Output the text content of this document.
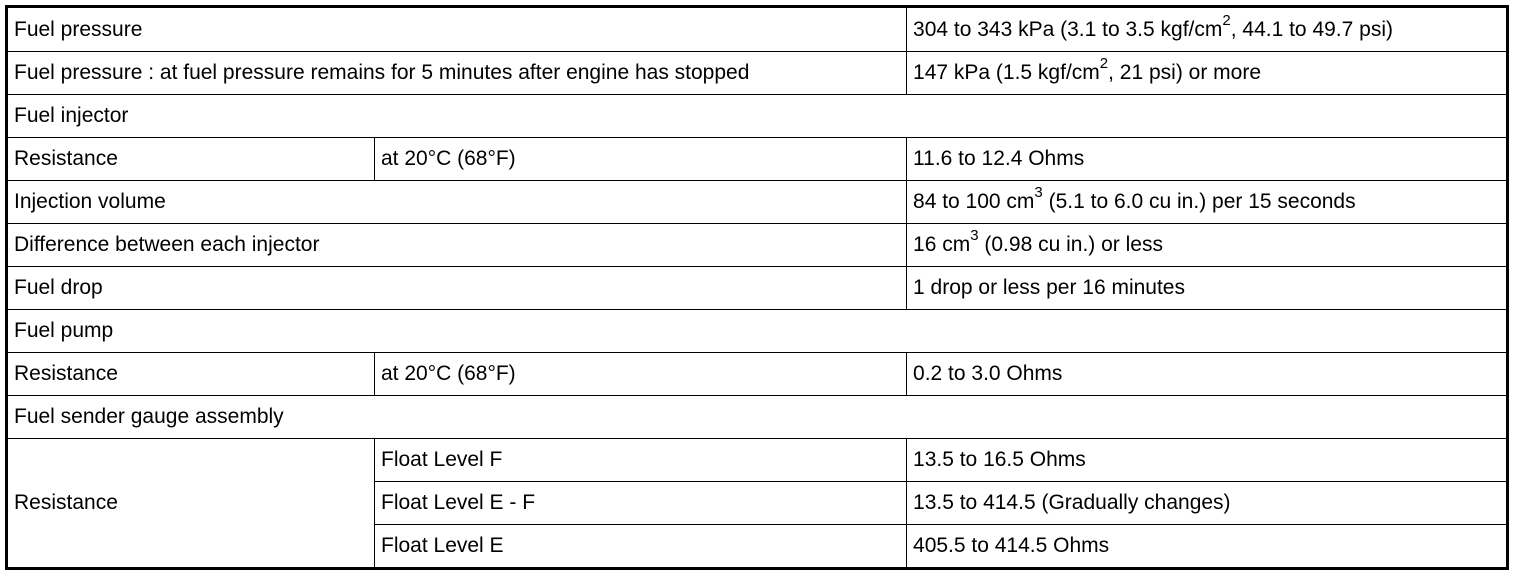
Fuel pressure		304 to 343 kPa (3.1 to 3.5 kgf/$cm^2$, 44.1 to 49.7 psi)
Fuel pressure : at fuel pressure remains for 5 minutes after engine has stopped		147 kPa (1.5 kgf/$cm^2$, 21 psi) or more
Fuel injector		
Resistance	at 20°C (68°F)	11.6 to 12.4 Ohms
Injection volume		84 to 100 $cm^3$ (5.1 to 6.0 cu in.) per 15 seconds
Difference between each injector		16 $cm^3$ (0.98 cu in.) or less
Fuel drop		1 drop or less per 16 minutes
Fuel pump		
Resistance	at 20°C (68°F)	0.2 to 3.0 Ohms
Fuel sender gauge assembly		
Resistance	Float Level F	13.5 to 16.5 Ohms
	Float Level E - F	13.5 to 414.5 (Gradually changes)
	Float Level E	405.5 to 414.5 Ohms
